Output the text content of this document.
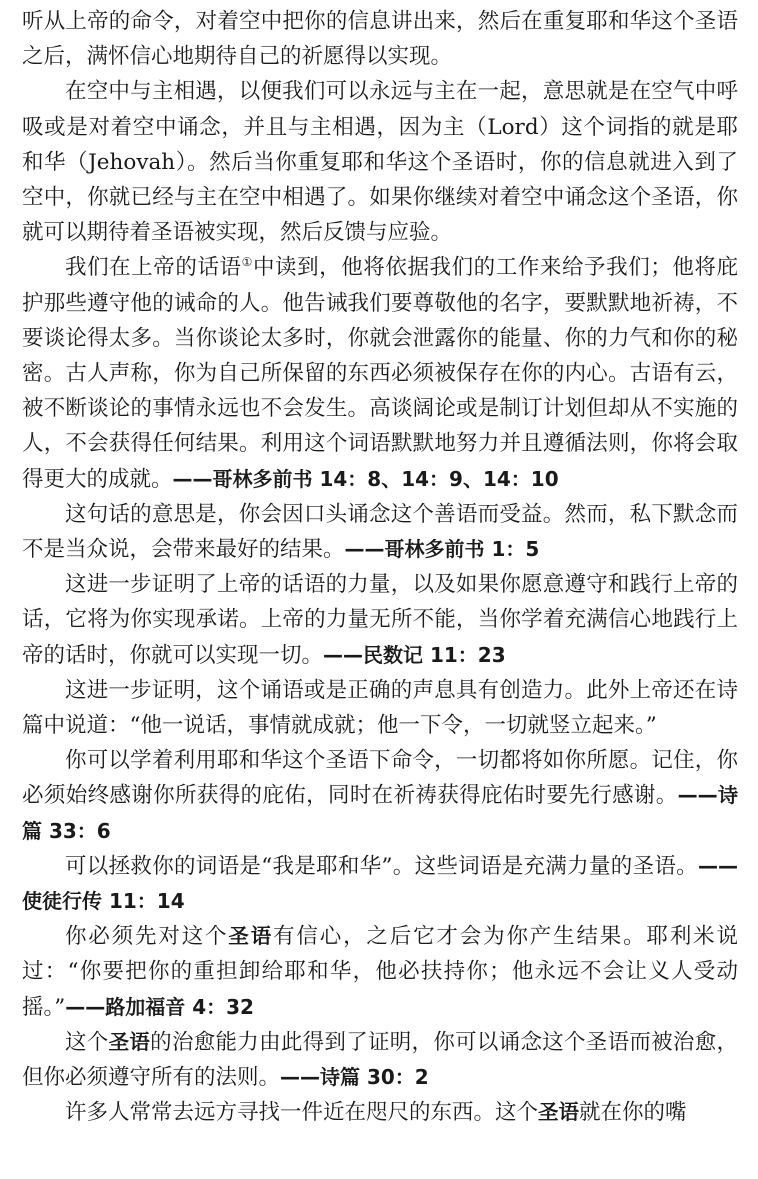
听从上帝的命令，对着空中把你的信息讲出来，然后在重复耶和华这个圣语之后，满怀信心地期待自己的祈愿得以实现。

在空中与主相遇，以便我们可以永远与主在一起，意思就是在空气中呼吸或是对着空中诵念，并且与主相遇，因为主（Lord）这个词指的就是耶和华（Jehovah）。然后当你重复耶和华这个圣语时，你的信息就进入到了空中，你就已经与主在空中相遇了。如果你继续对着空中诵念这个圣语，你就可以期待着圣语被实现，然后反馈与应验。

我们在上帝的话语①中读到，他将依据我们的工作来给予我们；他将庇护那些遵守他的诫命的人。他告诫我们要尊敬他的名字，要默默地祈祷，不要谈论得太多。当你谈论太多时，你就会泄露你的能量、你的力气和你的秘密。古人声称，你为自己所保留的东西必须被保存在你的内心。古语有云，被不断谈论的事情永远也不会发生。高谈阔论或是制订计划但却从不实施的人，不会获得任何结果。利用这个词语默默地努力并且遵循法则，你将会取得更大的成就。——哥林多前书 14：8、14：9、14：10

这句话的意思是，你会因口头诵念这个善语而受益。然而，私下默念而不是当众说，会带来最好的结果。——哥林多前书 1：5

这进一步证明了上帝的话语的力量，以及如果你愿意遵守和践行上帝的话，它将为你实现承诺。上帝的力量无所不能，当你学着充满信心地践行上帝的话时，你就可以实现一切。——民数记 11：23

这进一步证明，这个诵语或是正确的声息具有创造力。此外上帝还在诗篇中说道：“他一说话，事情就成就；他一下令，一切就竖立起来。”

你可以学着利用耶和华这个圣语下命令，一切都将如你所愿。记住，你必须始终感谢你所获得的庇佑，同时在祈祷获得庇佑时要先行感谢。——诗篇 33：6

可以拯救你的词语是“我是耶和华”。这些词语是充满力量的圣语。——使徒行传 11：14

你必须先对这个圣语有信心，之后它才会为你产生结果。耶利米说过：“你要把你的重担卸给耶和华，他必扶持你；他永远不会让义人受动摇。”——路加福音 4：32

这个圣语的治愈能力由此得到了证明，你可以诵念这个圣语而被治愈，但你必须遵守所有的法则。——诗篇 30：2

许多人常常去远方寻找一件近在咫尺的东西。这个圣语就在你的嘴
